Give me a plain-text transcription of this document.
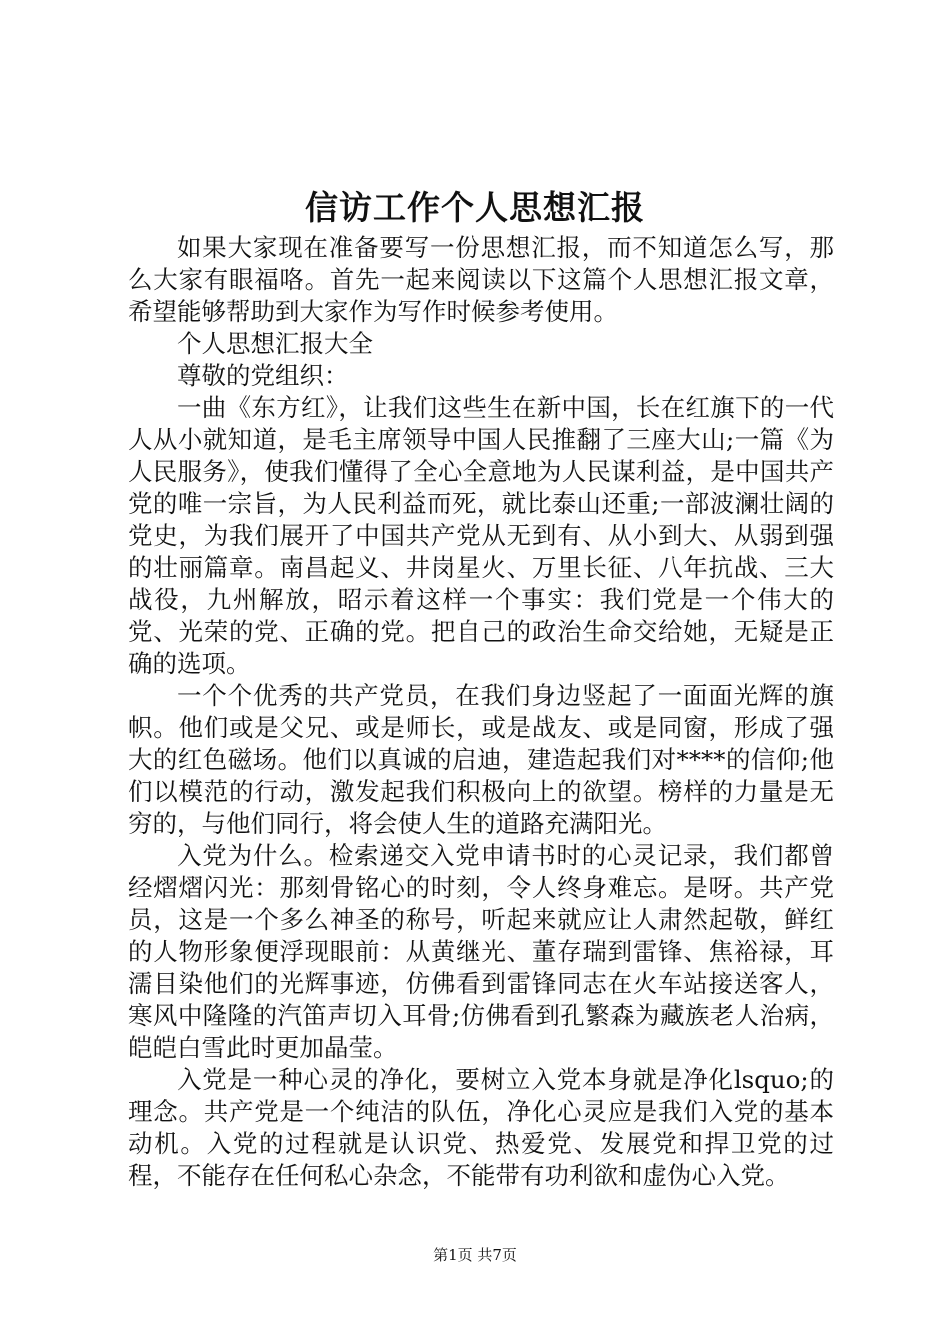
信访工作个人思想汇报

如果大家现在准备要写一份思想汇报，而不知道怎么写，那么大家有眼福咯。首先一起来阅读以下这篇个人思想汇报文章，希望能够帮助到大家作为写作时候参考使用。

个人思想汇报大全

尊敬的党组织：

一曲《东方红》，让我们这些生在新中国，长在红旗下的一代人从小就知道，是毛主席领导中国人民推翻了三座大山;一篇《为人民服务》，使我们懂得了全心全意地为人民谋利益，是中国共产党的唯一宗旨，为人民利益而死，就比泰山还重;一部波澜壮阔的党史，为我们展开了中国共产党从无到有、从小到大、从弱到强的壮丽篇章。南昌起义、井岗星火、万里长征、八年抗战、三大战役，九州解放，昭示着这样一个事实：我们党是一个伟大的党、光荣的党、正确的党。把自己的政治生命交给她，无疑是正确的选项。

一个个优秀的共产党员，在我们身边竖起了一面面光辉的旗帜。他们或是父兄、或是师长，或是战友、或是同窗，形成了强大的红色磁场。他们以真诚的启迪，建造起我们对****的信仰;他们以模范的行动，激发起我们积极向上的欲望。榜样的力量是无穷的，与他们同行，将会使人生的道路充满阳光。

入党为什么。检索递交入党申请书时的心灵记录，我们都曾经熠熠闪光：那刻骨铭心的时刻，令人终身难忘。是呀。共产党员，这是一个多么神圣的称号，听起来就应让人肃然起敬，鲜红的人物形象便浮现眼前：从黄继光、董存瑞到雷锋、焦裕禄，耳濡目染他们的光辉事迹，仿佛看到雷锋同志在火车站接送客人，寒风中隆隆的汽笛声切入耳骨;仿佛看到孔繁森为藏族老人治病，皑皑白雪此时更加晶莹。

入党是一种心灵的净化，要树立入党本身就是净化lsquo;的理念。共产党是一个纯洁的队伍，净化心灵应是我们入党的基本动机。入党的过程就是认识党、热爱党、发展党和捍卫党的过程，不能存在任何私心杂念，不能带有功利欲和虚伪心入党。

第1页 共7页
